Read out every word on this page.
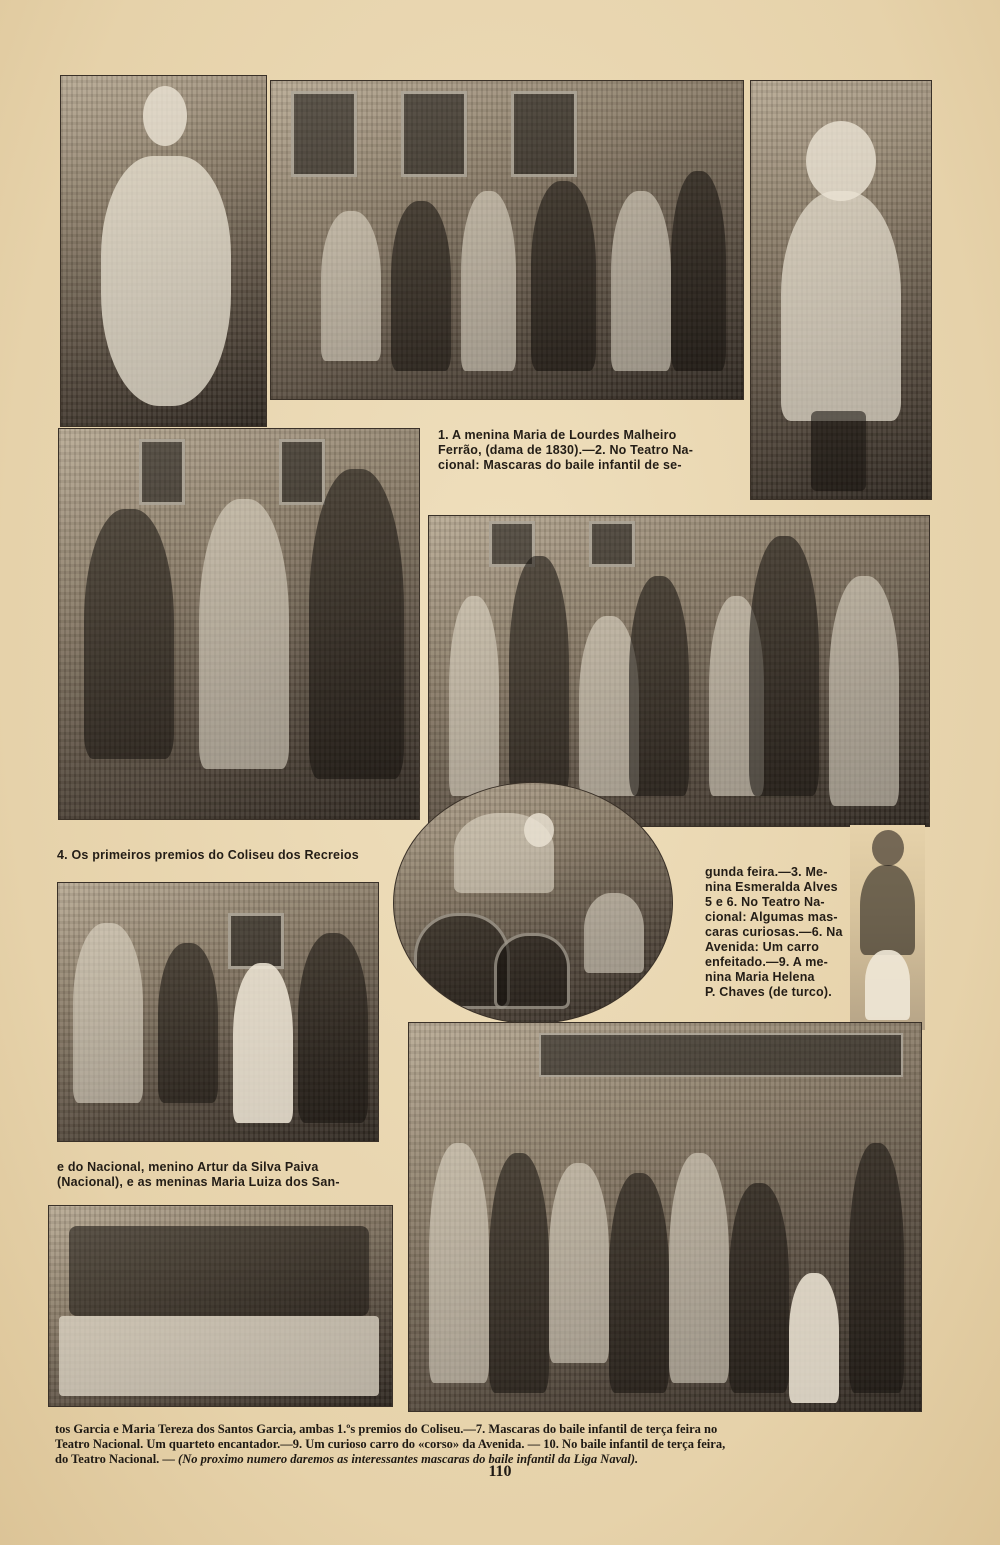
1. A menina Maria de Lourdes Malheiro
Ferrão, (dama de 1830).—2. No Teatro Na-
cional: Mascaras do baile infantil de se-
4. Os primeiros premios do Coliseu dos Recreios
gunda feira.—3. Me-
nina Esmeralda Alves
5 e 6. No Teatro Na-
cional: Algumas mas-
caras curiosas.—6. Na
Avenida: Um carro
enfeitado.—9. A me-
nina Maria Helena
P. Chaves (de turco).
e do Nacional, menino Artur da Silva Paiva
(Nacional), e as meninas Maria Luiza dos San-
tos Garcia e Maria Tereza dos Santos Garcia, ambas 1.ºs premios do Coliseu.—7. Mascaras do baile infantil de terça feira no
Teatro Nacional. Um quarteto encantador.—9. Um curioso carro do «corso» da Avenida. — 10. No baile infantil de terça feira,
do Teatro Nacional. — (No proximo numero daremos as interessantes mascaras do baile infantil da Liga Naval).
110
